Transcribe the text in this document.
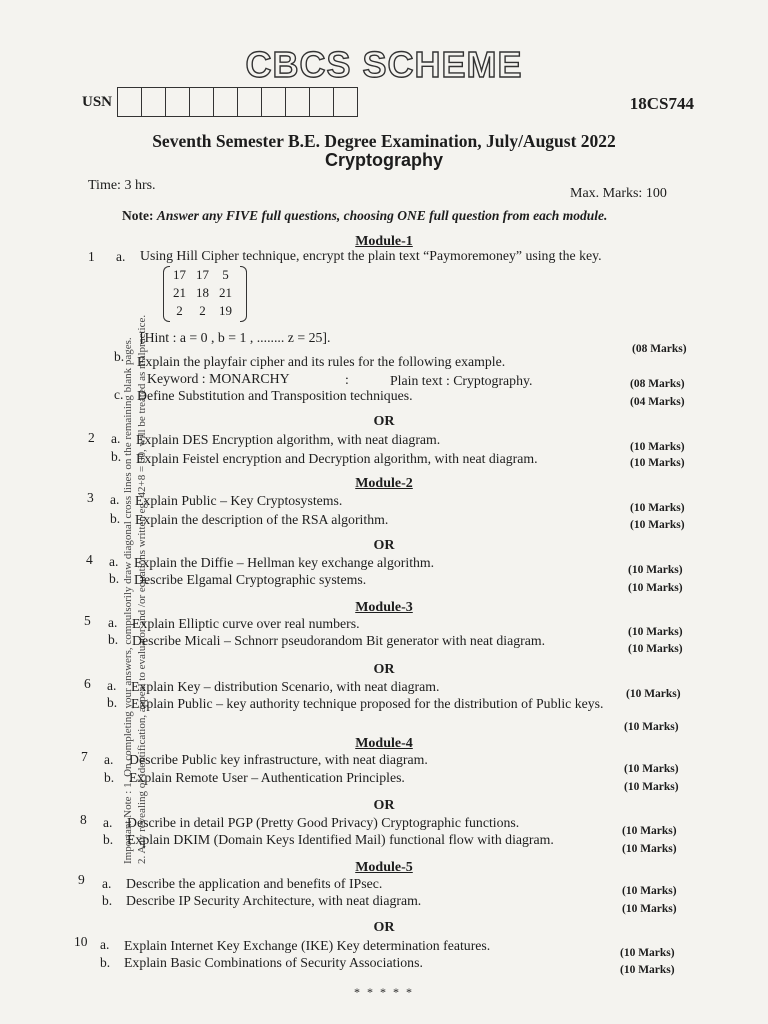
CBCS SCHEME
USN	18CS744
Seventh Semester B.E. Degree Examination, July/August 2022
Cryptography
Time: 3 hrs.
Max. Marks: 100
Note: Answer any FIVE full questions, choosing ONE full question from each module.
Important Note : 1. On completing your answers, compulsorily draw diagonal cross lines on the remaining blank pages. 2. Any revealing of identification, appeal to evaluator and /or equations written eg, 42+8 = 50, will be treated as malpractice.
Module-1
1 a. Using Hill Cipher technique, encrypt the plain text “Paymoremoney” using the key.
17	17	5
21	18	21
2	2	19
[Hint : a = 0 , b = 1 , ........ z = 25].
(08 Marks)
b. Explain the playfair cipher and its rules for the following example.
Keyword : MONARCHY	:	Plain text : Cryptography.	(08 Marks)
c. Define Substitution and Transposition techniques.	(04 Marks)
OR
2 a. Explain DES Encryption algorithm, with neat diagram.	(10 Marks)
b. Explain Feistel encryption and Decryption algorithm, with neat diagram.	(10 Marks)
Module-2
3 a. Explain Public – Key Cryptosystems.	(10 Marks)
b. Explain the description of the RSA algorithm.	(10 Marks)
OR
4 a. Explain the Diffie – Hellman key exchange algorithm.	(10 Marks)
b. Describe Elgamal Cryptographic systems.
(10 Marks)
Module-3
5 a. Explain Elliptic curve over real numbers.
(10 Marks)
b. Describe Micali – Schnorr pseudorandom Bit generator with neat diagram.
(10 Marks)
OR
6 a. Explain Key – distribution Scenario, with neat diagram.	(10 Marks)
b. Explain Public – key authority technique proposed for the distribution of Public keys.
(10 Marks)
Module-4
7 a. Describe Public key infrastructure, with neat diagram.
(10 Marks)
b. Explain Remote User – Authentication Principles.
(10 Marks)
OR
8 a. Describe in detail PGP (Pretty Good Privacy) Cryptographic functions.
(10 Marks)
b. Explain DKIM (Domain Keys Identified Mail) functional flow with diagram.
(10 Marks)
Module-5
9 a. Describe the application and benefits of IPsec.	(10 Marks)
b. Describe IP Security Architecture, with neat diagram.
(10 Marks)
OR
10 a. Explain Internet Key Exchange (IKE) Key determination features.	(10 Marks)
b. Explain Basic Combinations of Security Associations.	(10 Marks)
* * * * *
